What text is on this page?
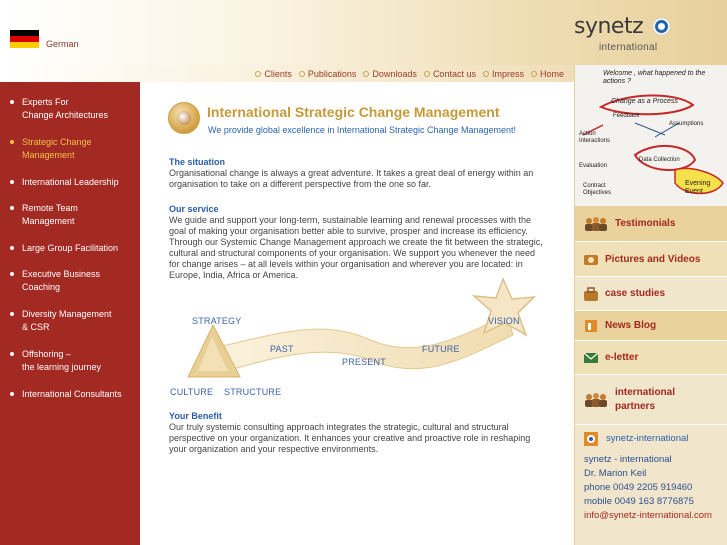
German
synetz
international
Clients Publications Downloads Contact us Impress Home
Experts For
Change Architectures
Strategic Change
Management
International Leadership
Remote Team
Management
Large Group Facilitation
Executive Business
Coaching
Diversity Management
& CSR
Offshoring –
the learning journey
International Consultants
International Strategic Change Management
We provide global excellence in International Strategic Change Management!
The situation
Organisational change is always a great adventure. It takes a great deal of energy within an organisation to take on a different perspective from the one so far.
Our service
We guide and support your long-term, sustainable learning and renewal processes with the goal of making your organisation better able to survive, prosper and increase its efficiency. Through our Systemic Change Management approach we create the fit between the strategic, cultural and structural components of your organisation. We support you whenever the need for change arises – at all levels within your organisation and wherever you are located: in Europe, India, Africa or America.
STRATEGY	VISION
PAST
PRESENT
FUTURE
CULTURE STRUCTURE
Your Benefit
Our truly systemic consulting approach integrates the strategic, cultural and structural perspective on your organization. It enhances your creative and proactive role in reshaping your organization and your respective environments.
Welcome , what happened to the actions ?
Change as a Process
Feedback
Assumptions
Action Interactions
Evaluation
Data Collection
Contract Objectives
Evening Event
Testimonials
Pictures and Videos
case studies
News Blog
e-letter
international
partners
synetz-international
synetz - international
Dr. Marion Keil
phone 0049 2205 919460
mobile 0049 163 8776875
info@synetz-international.com
